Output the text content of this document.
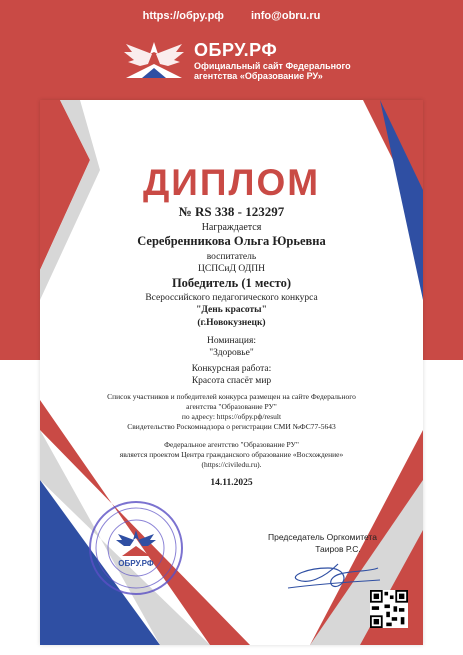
https://обру.рф info@obru.ru
ОБРУ.РФ
Официальный сайт Федерального агентства «Образование РУ»
ДИПЛОМ
№ RS 338 - 123297
Награждается
Серебренникова Ольга Юрьевна
воспитатель
ЦСПСиД ОДПН
Победитель (1 место)
Всероссийского педагогического конкурса
"День красоты"
(г.Новокузнецк)
Номинация:
"Здоровье"
Конкурсная работа:
Красота спасёт мир
Список участников и победителей конкурса размещен на сайте Федерального
агентства "Образование РУ"
по адресу: https://обру.рф/result
Свидетельство Роскомнадзора о регистрации СМИ №ФС77-5643
Федеральное агентство "Образование РУ"
является проектом Центра гражданского образование «Восхождение»
(https://civiledu.ru).
14.11.2025
ОБРУ.РФ
Председатель Оргкомитета
Таиров Р.С.
